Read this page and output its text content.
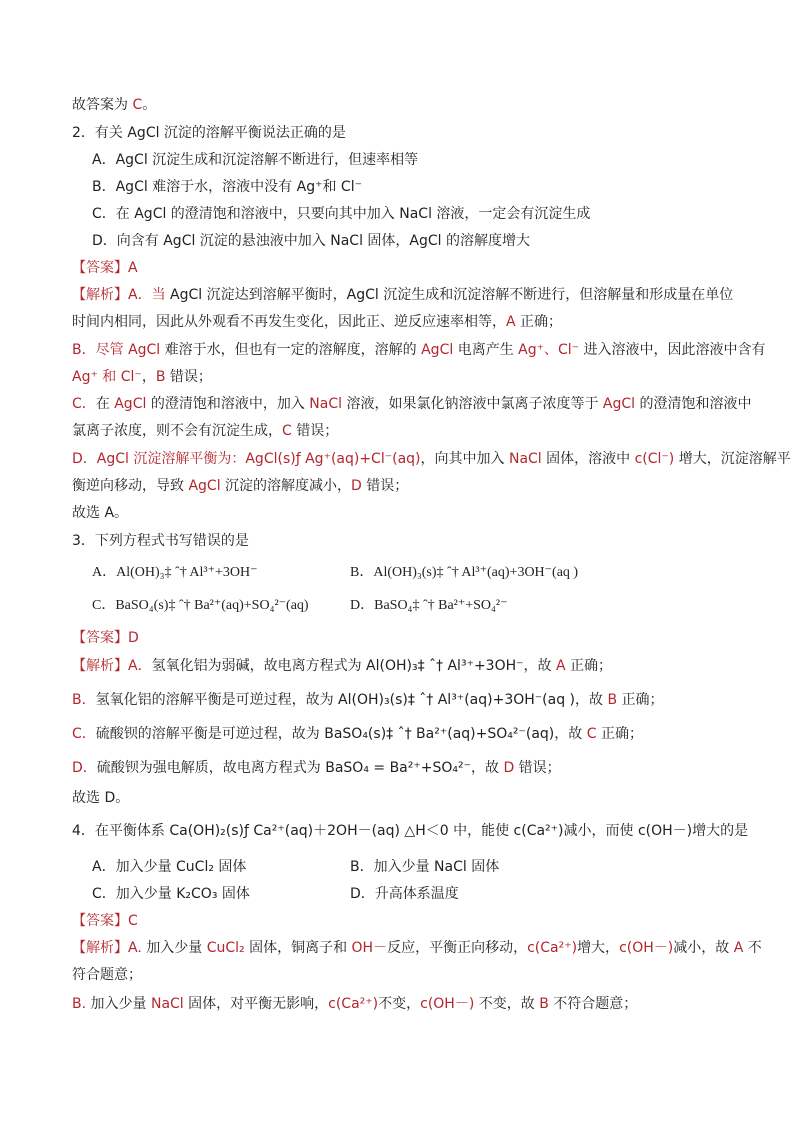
故答案为 C。
2．有关 AgCl 沉淀的溶解平衡说法正确的是
A．AgCl 沉淀生成和沉淀溶解不断进行，但速率相等
B．AgCl 难溶于水，溶液中没有 Ag⁺和 Cl⁻
C．在 AgCl 的澄清饱和溶液中，只要向其中加入 NaCl 溶液，一定会有沉淀生成
D．向含有 AgCl 沉淀的悬浊液中加入 NaCl 固体，AgCl 的溶解度增大
【答案】A
【解析】A．当 AgCl 沉淀达到溶解平衡时，AgCl 沉淀生成和沉淀溶解不断进行，但溶解量和形成量在单位
时间内相同，因此从外观看不再发生变化，因此正、逆反应速率相等，A 正确；
B．尽管 AgCl 难溶于水，但也有一定的溶解度，溶解的 AgCl 电离产生 Ag⁺、Cl⁻ 进入溶液中，因此溶液中含有
Ag⁺ 和 Cl⁻，B 错误；
C．在 AgCl 的澄清饱和溶液中，加入 NaCl 溶液，如果氯化钠溶液中氯离子浓度等于 AgCl 的澄清饱和溶液中
氯离子浓度，则不会有沉淀生成，C 错误；
D．AgCl 沉淀溶解平衡为：AgCl(s)ƒ Ag⁺(aq)+Cl⁻(aq)，向其中加入 NaCl 固体，溶液中 c(Cl⁻) 增大，沉淀溶解平
衡逆向移动，导致 AgCl 沉淀的溶解度减小，D 错误；
故选 A。
3．下列方程式书写错误的是
【答案】D
【解析】A．氢氧化铝为弱碱，故电离方程式为 Al(OH)₃‡ ˆ† Al³⁺+3OH⁻，故 A 正确；
B．氢氧化铝的溶解平衡是可逆过程，故为 Al(OH)₃(s)‡ ˆ† Al³⁺(aq)+3OH⁻(aq )，故 B 正确；
C．硫酸钡的溶解平衡是可逆过程，故为 BaSO₄(s)‡ ˆ† Ba²⁺(aq)+SO₄²⁻(aq)，故 C 正确；
D．硫酸钡为强电解质，故电离方程式为 BaSO₄ = Ba²⁺+SO₄²⁻，故 D 错误；
故选 D。
4．在平衡体系 Ca(OH)₂(s)ƒ Ca²⁺(aq)＋2OH－(aq) △H＜0 中，能使 c(Ca²⁺)减小，而使 c(OH－)增大的是
【答案】C
【解析】A. 加入少量 CuCl₂ 固体，铜离子和 OH－反应，平衡正向移动，c(Ca²⁺)增大，c(OH－)减小，故 A 不
符合题意；
B. 加入少量 NaCl 固体，对平衡无影响，c(Ca²⁺)不变，c(OH－) 不变，故 B 不符合题意；
A．Al(OH)₃‡ ˆ† Al³⁺+3OH⁻	B．Al(OH)₃(s)‡ ˆ† Al³⁺(aq)+3OH⁻(aq )
C．BaSO₄(s)‡ ˆ† Ba²⁺(aq)+SO₄²⁻(aq)	D．BaSO₄‡ ˆ† Ba²⁺+SO₄²⁻
A．加入少量 CuCl₂ 固体	B．加入少量 NaCl 固体
C．加入少量 K₂CO₃ 固体	D．升高体系温度
